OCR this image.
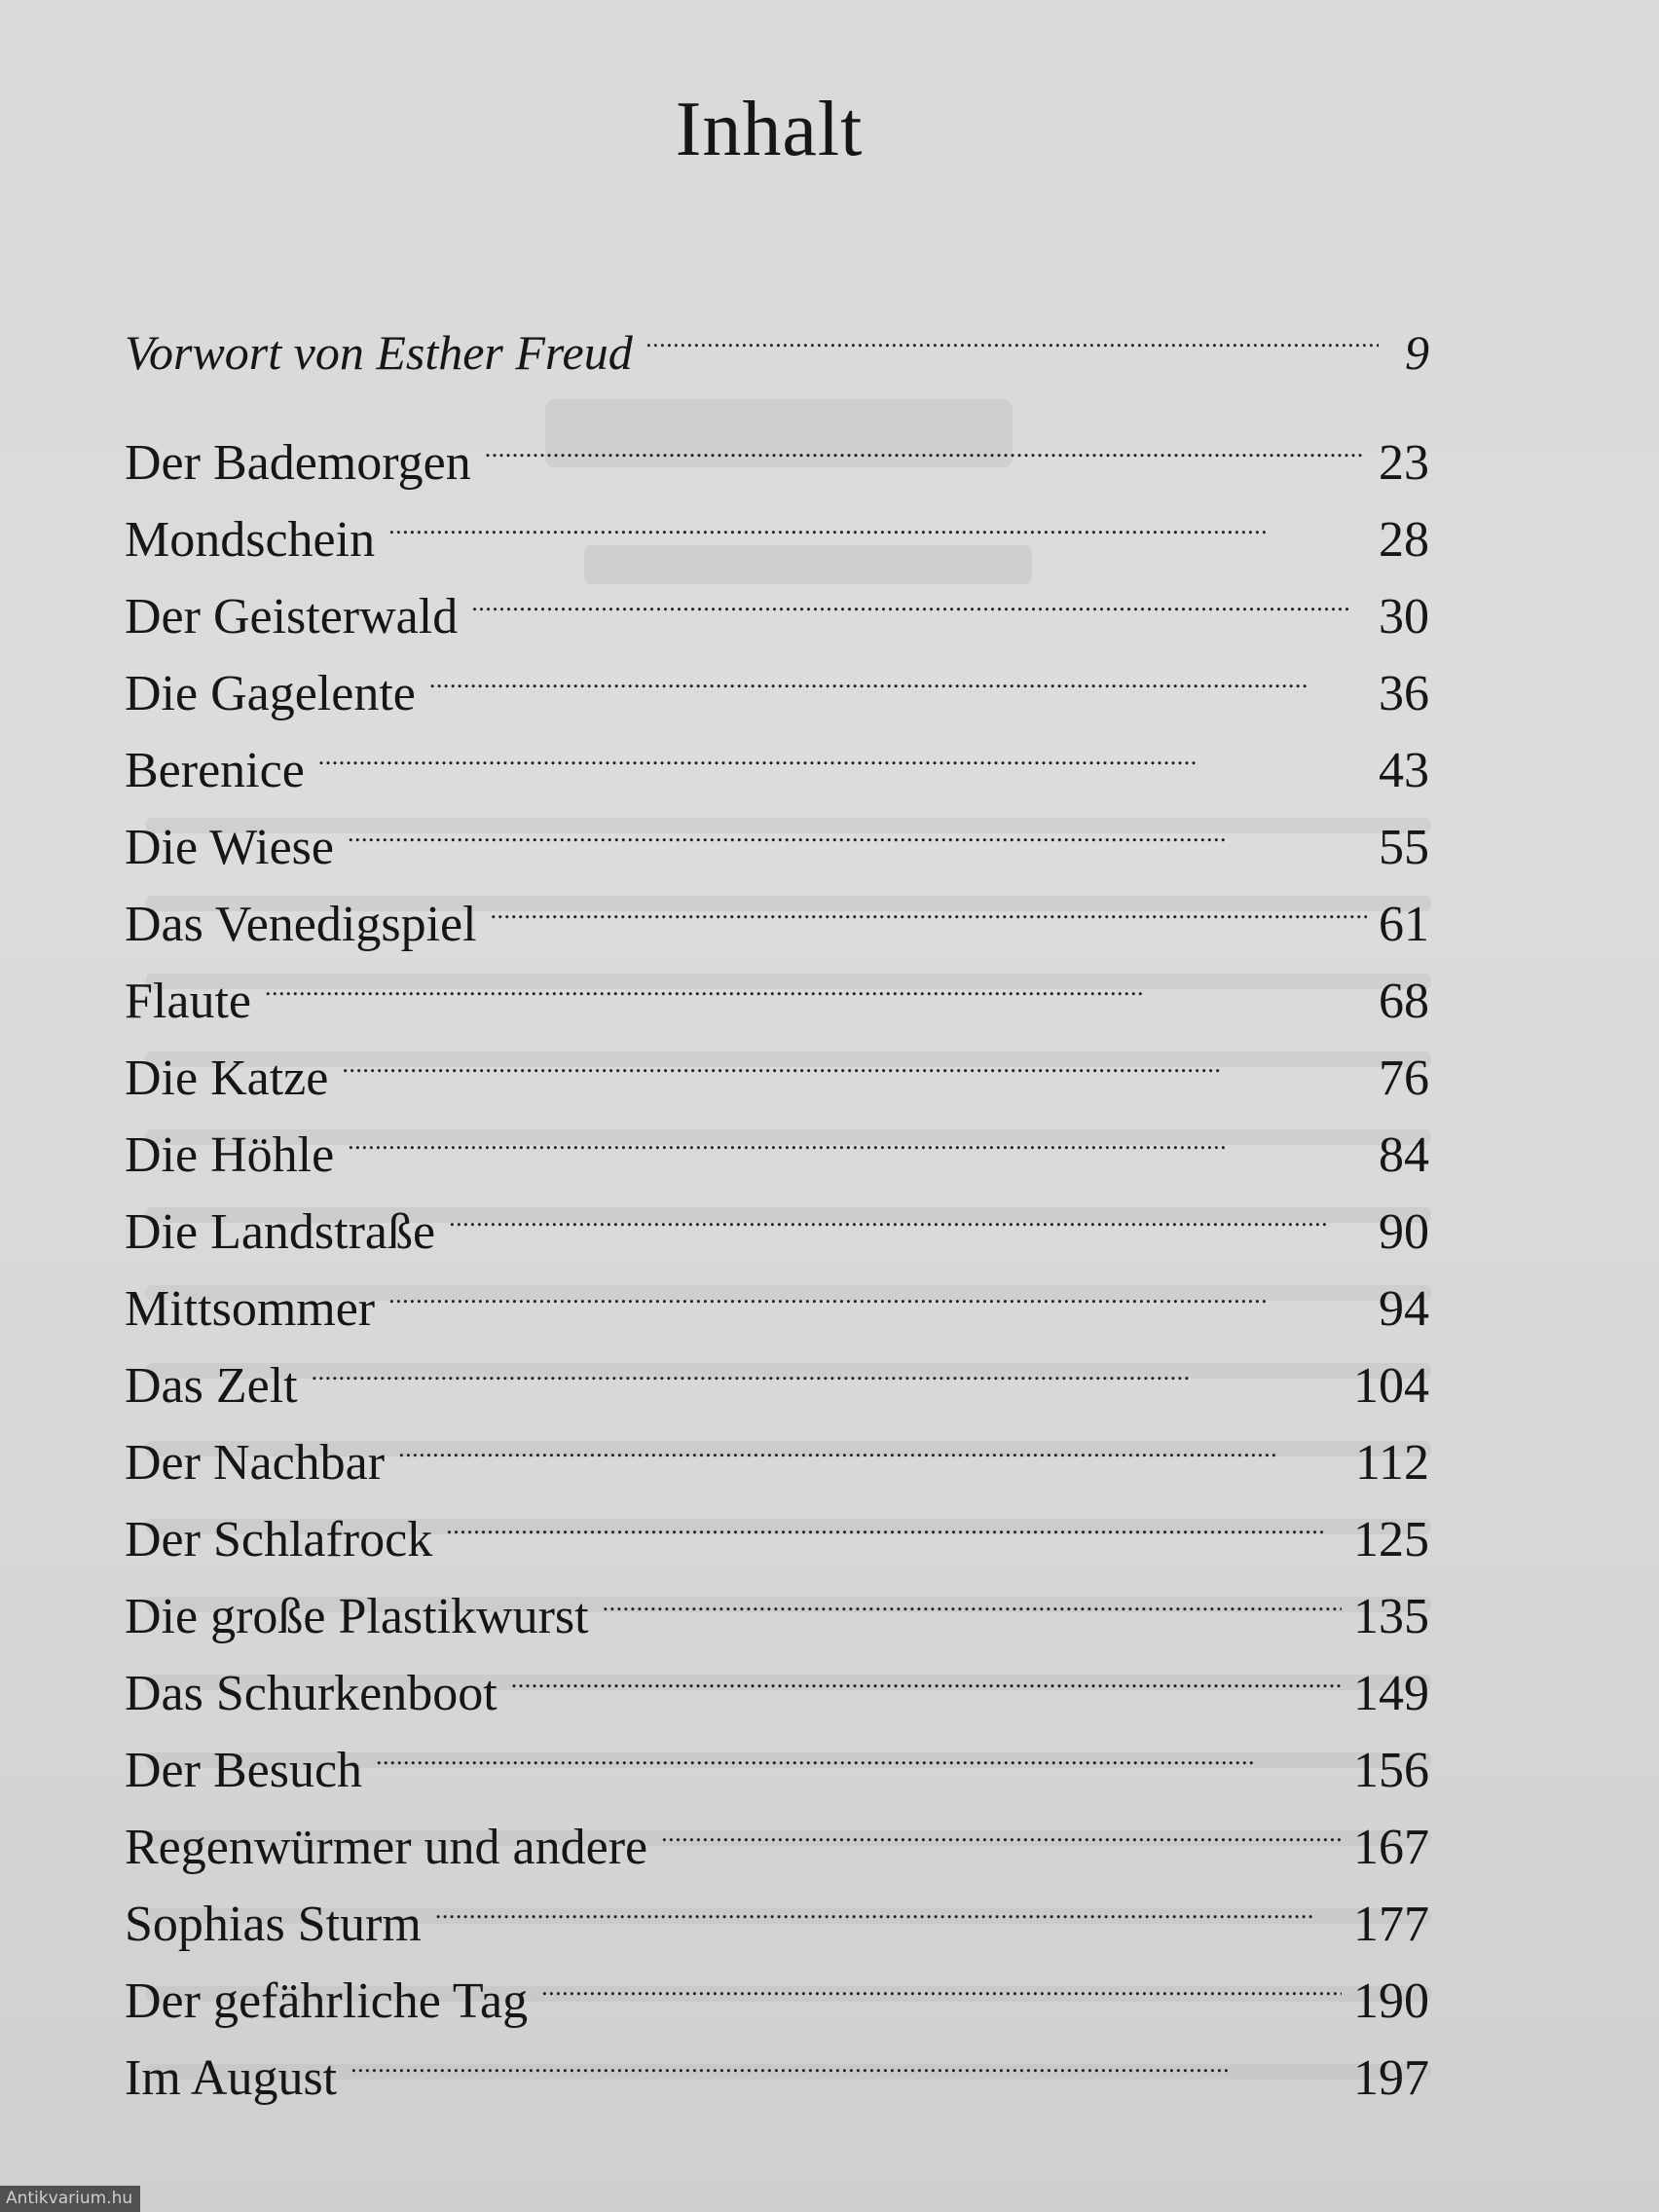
Inhalt
Vorwort von Esther Freud . . .	9
Der Bademorgen . . .	23
Mondschein . . .	28
Der Geisterwald . . .	30
Die Gagelente . . .	36
Berenice . . .	43
Die Wiese . . .	55
Das Venedigspiel . . .	61
Flaute . . .	68
Die Katze . . .	76
Die Höhle . . .	84
Die Landstraße . . .	90
Mittsommer . . .	94
Das Zelt . . .	104
Der Nachbar . . .	112
Der Schlafrock . . .	125
Die große Plastikwurst . . .	135
Das Schurkenboot . . .	149
Der Besuch . . .	156
Regenwürmer und andere . . .	167
Sophias Sturm . . .	177
Der gefährliche Tag . . .	190
Im August . . .	197
Antikvarium.hu
